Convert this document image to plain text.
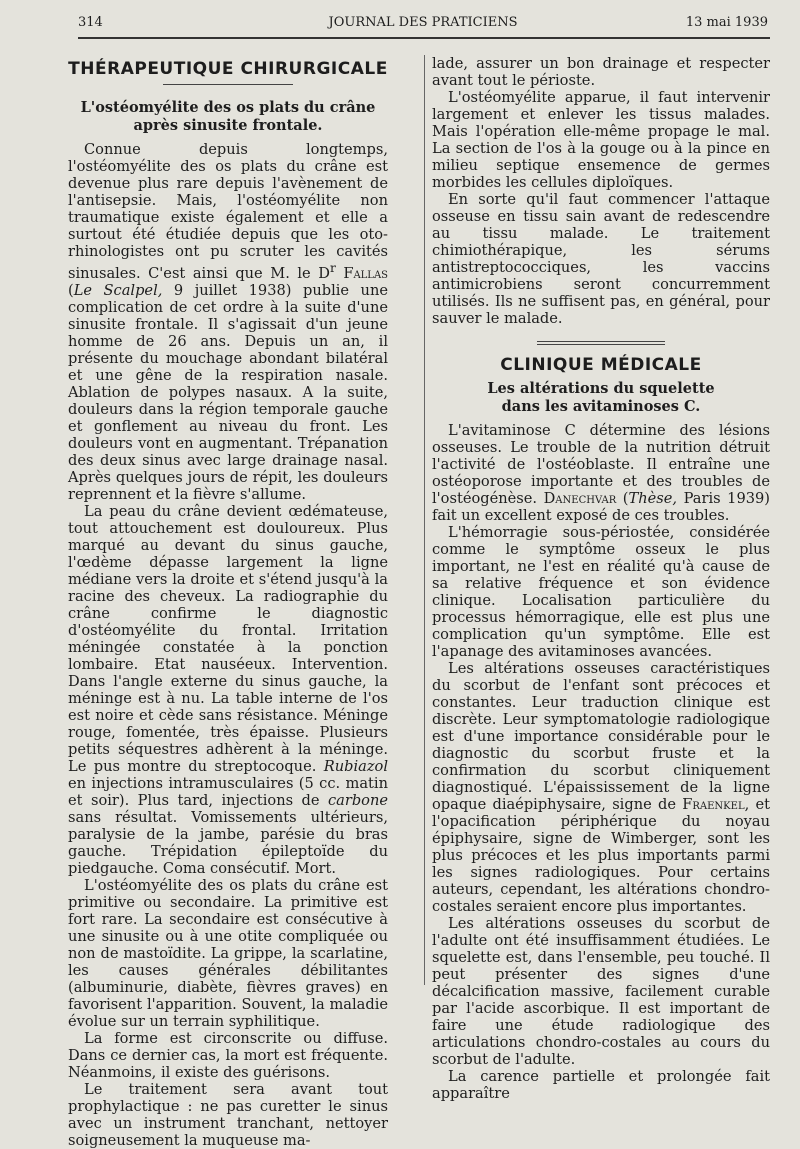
314	JOURNAL DES PRATICIENS	13 mai 1939
THÉRAPEUTIQUE CHIRURGICALE
L'ostéomyélite des os plats du crâne
après sinusite frontale.

Connue depuis longtemps, l'ostéomyélite des os plats du crâne est devenue plus rare depuis l'avènement de l'antisepsie. Mais, l'ostéomyélite non traumatique existe également et elle a surtout été étudiée depuis que les oto-rhinologistes ont pu scruter les cavités sinusales. C'est ainsi que M. le $D^r$ Fallas (Le Scalpel, 9 juillet 1938) publie une complication de cet ordre à la suite d'une sinusite frontale. Il s'agissait d'un jeune homme de 26 ans. Depuis un an, il présente du mouchage abondant bilatéral et une gêne de la respiration nasale. Ablation de polypes nasaux. A la suite, douleurs dans la région temporale gauche et gonflement au niveau du front. Les douleurs vont en augmentant. Trépanation des deux sinus avec large drainage nasal. Après quelques jours de répit, les douleurs reprennent et la fièvre s'allume.

La peau du crâne devient œdémateuse, tout attouchement est douloureux. Plus marqué au devant du sinus gauche, l'œdème dépasse largement la ligne médiane vers la droite et s'étend jusqu'à la racine des cheveux. La radiographie du crâne confirme le diagnostic d'ostéomyélite du frontal. Irritation méningée constatée à la ponction lombaire. Etat nauséeux. Intervention. Dans l'angle externe du sinus gauche, la méninge est à nu. La table interne de l'os est noire et cède sans résistance. Méninge rouge, fomentée, très épaisse. Plusieurs petits séquestres adhèrent à la méninge. Le pus montre du streptocoque. Rubiazol en injections intramusculaires (5 cc. matin et soir). Plus tard, injections de carbone sans résultat. Vomissements ultérieurs, paralysie de la jambe, parésie du bras gauche. Trépidation épileptoïde du piedgauche. Coma consécutif. Mort.

L'ostéomyélite des os plats du crâne est primitive ou secondaire. La primitive est fort rare. La secondaire est consécutive à une sinusite ou à une otite compliquée ou non de mastoïdite. La grippe, la scarlatine, les causes générales débilitantes (albuminurie, diabète, fièvres graves) en favorisent l'apparition. Souvent, la maladie évolue sur un terrain syphilitique.

La forme est circonscrite ou diffuse. Dans ce dernier cas, la mort est fréquente. Néanmoins, il existe des guérisons.

Le traitement sera avant tout prophylactique : ne pas curetter le sinus avec un instrument tranchant, nettoyer soigneusement la muqueuse ma-

lade, assurer un bon drainage et respecter avant tout le périoste.

L'ostéomyélite apparue, il faut intervenir largement et enlever les tissus malades. Mais l'opération elle-même propage le mal. La section de l'os à la gouge ou à la pince en milieu septique ensemence de germes morbides les cellules diploïques.

En sorte qu'il faut commencer l'attaque osseuse en tissu sain avant de redescendre au tissu malade. Le traitement chimiothérapique, les sérums antistreptococciques, les vaccins antimicrobiens seront concurremment utilisés. Ils ne suffisent pas, en général, pour sauver le malade.

CLINIQUE MÉDICALE
Les altérations du squelette
dans les avitaminoses C.

L'avitaminose C détermine des lésions osseuses. Le trouble de la nutrition détruit l'activité de l'ostéoblaste. Il entraîne une ostéoporose importante et des troubles de l'ostéogénèse. Danechvar (Thèse, Paris 1939) fait un excellent exposé de ces troubles.

L'hémorragie sous-périostée, considérée comme le symptôme osseux le plus important, ne l'est en réalité qu'à cause de sa relative fréquence et son évidence clinique. Localisation particulière du processus hémorragique, elle est plus une complication qu'un symptôme. Elle est l'apanage des avitaminoses avancées.

Les altérations osseuses caractéristiques du scorbut de l'enfant sont précoces et constantes. Leur traduction clinique est discrète. Leur symptomatologie radiologique est d'une importance considérable pour le diagnostic du scorbut fruste et la confirmation du scorbut cliniquement diagnostiqué. L'épaississement de la ligne opaque diaépiphysaire, signe de Fraenkel, et l'opacification périphérique du noyau épiphysaire, signe de Wimberger, sont les plus précoces et les plus importants parmi les signes radiologiques. Pour certains auteurs, cependant, les altérations chondro-costales seraient encore plus importantes.

Les altérations osseuses du scorbut de l'adulte ont été insuffisamment étudiées. Le squelette est, dans l'ensemble, peu touché. Il peut présenter des signes d'une décalcification massive, facilement curable par l'acide ascorbique. Il est important de faire une étude radiologique des articulations chondro-costales au cours du scorbut de l'adulte.

La carence partielle et prolongée fait apparaître
